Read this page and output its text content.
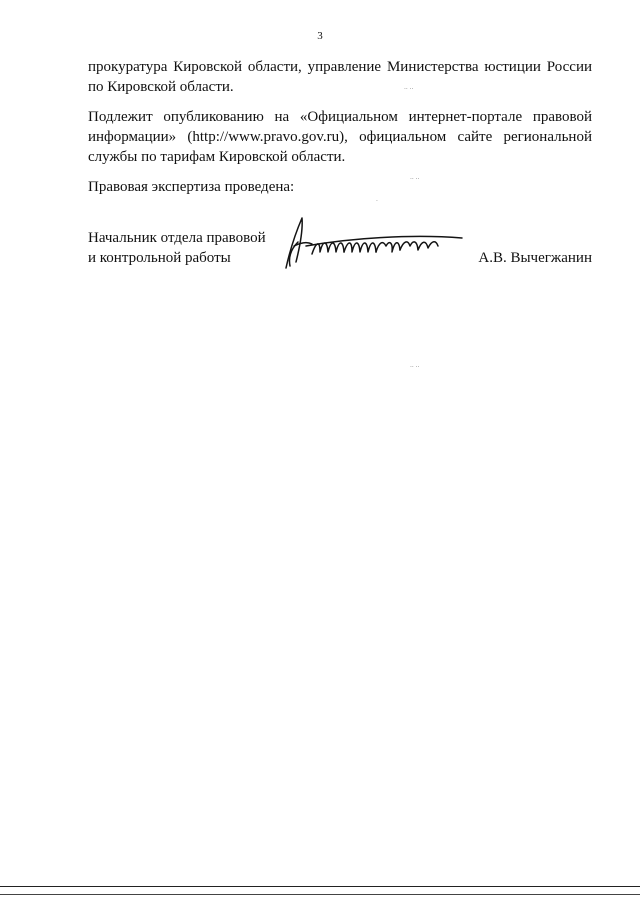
3

прокуратура Кировской области, управление Министерства юстиции России по Кировской области.

Подлежит опубликованию на «Официальном интернет-портале правовой информации» (http://www.pravo.gov.ru), официальном сайте региональной службы по тарифам Кировской области.

Правовая экспертиза проведена:

Начальник отдела правовой
и контрольной работы	А.В. Вычегжанин
·· ··
·· ··
·
·· ··
